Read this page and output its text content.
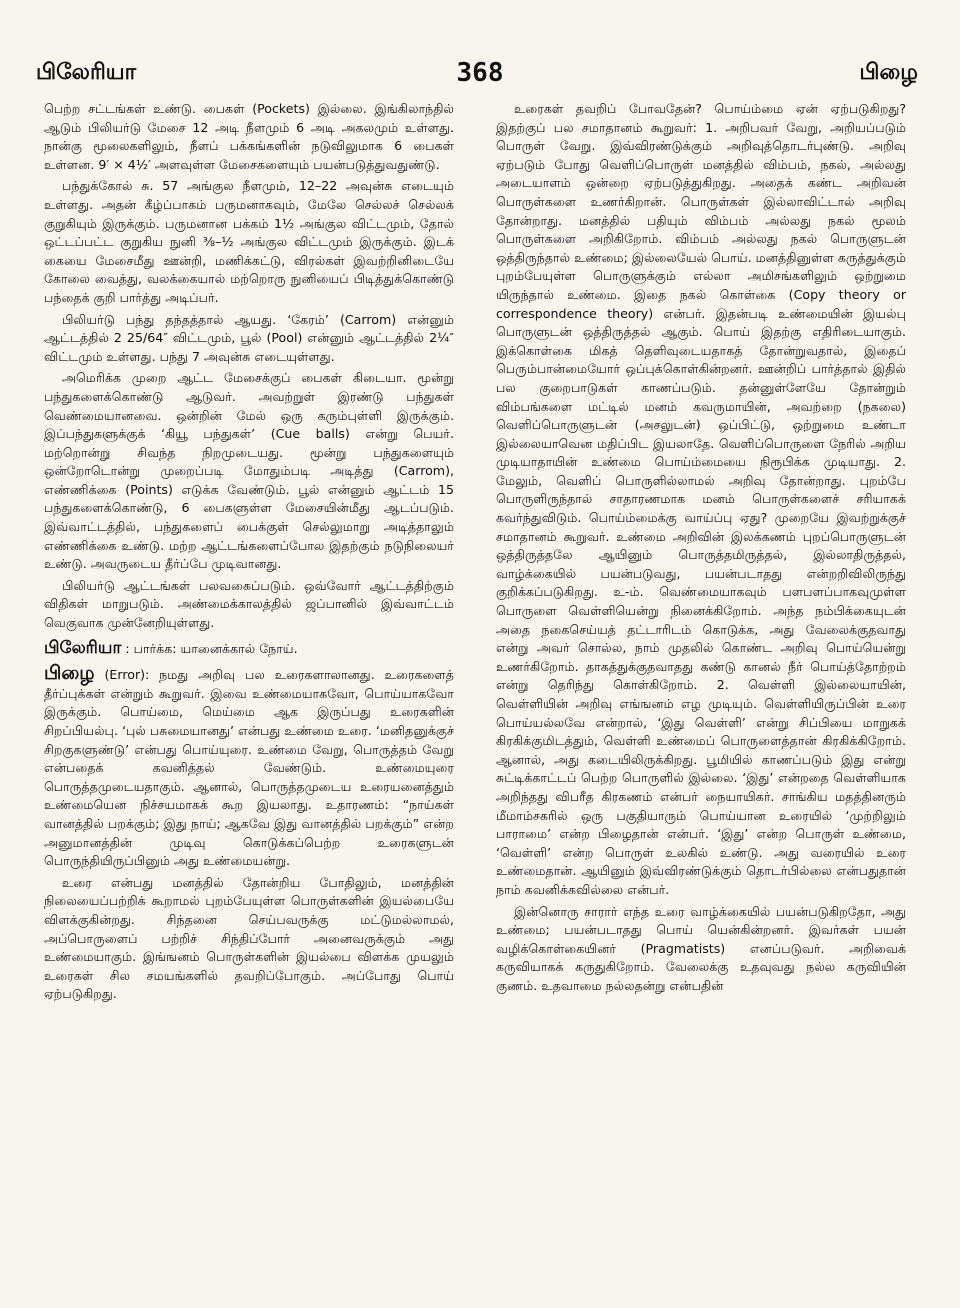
பிலேரியா	368	பிழை

பெற்ற சட்டங்கள் உண்டு. பைகள் (Pockets) இல்லை. இங்கிலாந்தில் ஆடும் பிலியர்டு மேசை 12 அடி நீளமும் 6 அடி அகலமும் உள்ளது. நான்கு மூலைகளிலும், நீளப் பக்கங்களின் நடுவிலுமாக 6 பைகள் உள்ளன. 9′ × 4½′ அளவுள்ள மேசைகளையும் பயன்படுத்துவதுண்டு.

பந்துக்கோல் சு. 57 அங்குல நீளமும், 12–22 அவுன்சு எடையும் உள்ளது. அதன் கீழ்ப்பாகம் பருமனாகவும், மேலே செல்லச் செல்லக் குறுகியும் இருக்கும். பருமனான பக்கம் 1½ அங்குல விட்டமும், தோல் ஒட்டப்பட்ட குறுகிய நுனி ⅜–½ அங்குல விட்டமும் இருக்கும். இடக் கையை மேசைமீது ஊன்றி, மணிக்கட்டு, விரல்கள் இவற்றினிடையே கோலை வைத்து, வலக்கையால் மற்றொரு நுனியைப் பிடித்துக்கொண்டு பந்தைக் குறி பார்த்து அடிப்பர்.

பிலியர்டு பந்து தந்தத்தால் ஆயது. ‘கேரம்’ (Carrom) என்னும் ஆட்டத்தில் 2 25/64″ விட்டமும், பூல் (Pool) என்னும் ஆட்டத்தில் 2¼″ விட்டமும் உள்ளது. பந்து 7 அவுன்சு எடையுள்ளது.

அமெரிக்க முறை ஆட்ட மேசைக்குப் பைகள் கிடையா. மூன்று பந்துகளைக்கொண்டு ஆடுவர். அவற்றுள் இரண்டு பந்துகள் வெண்மையானவை. ஒன்றின் மேல் ஒரு கரும்புள்ளி இருக்கும். இப்பந்துகளுக்குக் ‘கியூ பந்துகள்’ (Cue balls) என்று பெயர். மற்றொன்று சிவந்த நிறமுடையது. மூன்று பந்துகளையும் ஒன்றோடொன்று முறைப்படி மோதும்படி அடித்து (Carrom), எண்ணிக்கை (Points) எடுக்க வேண்டும். பூல் என்னும் ஆட்டம் 15 பந்துகளைக்கொண்டு, 6 பைகளுள்ள மேசையின்மீது ஆடப்படும். இவ்வாட்டத்தில், பந்துகளைப் பைக்குள் செல்லுமாறு அடித்தாலும் எண்ணிக்கை உண்டு. மற்ற ஆட்டங்களைப்போல இதற்கும் நடுநிலையர் உண்டு. அவருடைய தீர்ப்பே முடிவானது.

பிலியர்டு ஆட்டங்கள் பலவகைப்படும். ஒவ்வோர் ஆட்டத்திற்கும் விதிகள் மாறுபடும். அண்மைக்காலத்தில் ஜப்பானில் இவ்வாட்டம் வெகுவாக முன்னேறியுள்ளது.

பிலேரியா : பார்க்க: யானைக்கால் நோய்.

பிழை (Error): நமது அறிவு பல உரைகளாலானது. உரைகளைத் தீர்ப்புக்கள் என்றும் கூறுவர். இவை உண்மையாகவோ, பொய்யாகவோ இருக்கும். பொய்மை, மெய்மை ஆக இருப்பது உரைகளின் சிறப்பியல்பு. ‘புல் பசுமையானது’ என்பது உண்மை உரை. ‘மனிதனுக்குச் சிறகுகளுண்டு’ என்பது பொய்யுரை. உண்மை வேறு, பொருத்தம் வேறு என்பதைக் கவனித்தல் வேண்டும். உண்மையுரை பொருத்தமுடையதாகும். ஆனால், பொருத்தமுடைய உரையனைத்தும் உண்மையென நிச்சயமாகக் கூற இயலாது. உதாரணம்: “நாய்கள் வானத்தில் பறக்கும்; இது நாய்; ஆகவே இது வானத்தில் பறக்கும்” என்ற அனுமானத்தின் முடிவு கொடுக்கப்பெற்ற உரைகளுடன் பொருந்தியிருப்பினும் அது உண்மையன்று.

உரை என்பது மனத்தில் தோன்றிய போதிலும், மனத்தின் நிலையைப்பற்றிக் கூறாமல் புறம்பேயுள்ள பொருள்களின் இயல்பையே விளக்குகின்றது. சிந்தனை செய்பவருக்கு மட்டுமல்லாமல், அப்பொருளைப் பற்றிச் சிந்திப்போர் அனைவருக்கும் அது உண்மையாகும். இங்ஙனம் பொருள்களின் இயல்பை விளக்க முயலும் உரைகள் சில சமயங்களில் தவறிப்போகும். அப்போது பொய் ஏற்படுகிறது.

உரைகள் தவறிப் போவதேன்? பொய்ம்மை ஏன் ஏற்படுகிறது? இதற்குப் பல சமாதானம் கூறுவர்: 1. அறிபவர் வேறு, அறியப்படும் பொருள் வேறு. இவ்விரண்டுக்கும் அறிவுத்தொடர்புண்டு. அறிவு ஏற்படும் போது வெளிப்பொருள் மனத்தில் விம்பம், நகல், அல்லது அடையாளம் ஒன்றை ஏற்படுத்துகிறது. அதைக் கண்ட அறிவன் பொருள்களை உணர்கிறான். பொருள்கள் இல்லாவிட்டால் அறிவு தோன்றாது. மனத்தில் பதியும் விம்பம் அல்லது நகல் மூலம் பொருள்களை அறிகிறோம். விம்பம் அல்லது நகல் பொருளுடன் ஒத்திருந்தால் உண்மை; இல்லையேல் பொய். மனத்தினுள்ள கருத்துக்கும் புறம்பேயுள்ள பொருளுக்கும் எல்லா அமிசங்களிலும் ஒற்றுமை யிருந்தால் உண்மை. இதை நகல் கொள்கை (Copy theory or correspondence theory) என்பர். இதன்படி உண்மையின் இயல்பு பொருளுடன் ஒத்திருத்தல் ஆகும். பொய் இதற்கு எதிரிடையாகும். இக்கொள்கை மிகத் தெளிவுடையதாகத் தோன்றுவதால், இதைப் பெரும்பான்மையோர் ஒப்புக்கொள்கின்றனர். ஊன்றிப் பார்த்தால் இதில் பல குறைபாடுகள் காணப்படும். தன்னுள்ளேயே தோன்றும் விம்பங்களை மட்டில் மனம் கவருமாயின், அவற்றை (நகலை) வெளிப்பொருளுடன் (அசலுடன்) ஒப்பிட்டு, ஒற்றுமை உண்டா இல்லையாவென மதிப்பிட இயலாதே. வெளிப்பொருளை நேரில் அறிய முடியாதாயின் உண்மை பொய்ம்மையை நிரூபிக்க முடியாது. 2. மேலும், வெளிப் பொருளில்லாமல் அறிவு தோன்றாது. புறம்பே பொருளிருந்தால் சாதாரணமாக மனம் பொருள்களைச் சரியாகக் கவர்ந்துவிடும். பொய்ம்மைக்கு வாய்ப்பு ஏது? முறையே இவற்றுக்குச் சமாதானம் கூறுவர். உண்மை அறிவின் இலக்கணம் புறப்பொருளுடன் ஒத்திருத்தலே ஆயினும் பொருத்தமிருத்தல், இல்லாதிருத்தல், வாழ்க்கையில் பயன்படுவது, பயன்படாதது என்றறிவிலிருந்து குறிக்கப்படுகிறது. உ-ம். வெண்மையாகவும் பளபளப்பாகவுமுள்ள பொருளை வெள்ளியென்று நினைக்கிறோம். அந்த நம்பிக்கையுடன் அதை நகைசெய்யத் தட்டாரிடம் கொடுக்க, அது வேலைக்குதவாது என்று அவர் சொல்ல, நாம் முதலில் கொண்ட அறிவு பொய்யென்று உணர்கிறோம். தாகத்துக்குதவாதது கண்டு கானல் நீர் பொய்த்தோற்றம் என்று தெரிந்து கொள்கிறோம். 2. வெள்ளி இல்லையாயின், வெள்ளியின் அறிவு எங்ஙனம் எழ முடியும். வெள்ளியிருப்பின் உரை பொய்யல்லவே என்றால், ‘இது வெள்ளி’ என்று சிப்பியை மாறுகக் கிரகிக்குமிடத்தும், வெள்ளி உண்மைப் பொருளைத்தான் கிரகிக்கிறோம். ஆனால், அது கடையிலிருக்கிறது. பூமியில் காணப்படும் இது என்று சுட்டிக்காட்டப் பெற்ற பொருளில் இல்லை. ‘இது’ என்றதை வெள்ளியாக அறிந்தது விபரீத கிரகணம் என்பர் நையாயிகர். சாங்கிய மதத்தினரும் மீமாம்சகரில் ஒரு பகுதியாரும் பொய்யான உரையில் ‘முற்றிலும் பாராமை’ என்ற பிழைதான் என்பர். ‘இது’ என்ற பொருள் உண்மை, ‘வெள்ளி’ என்ற பொருள் உலகில் உண்டு. அது வரையில் உரை உண்மைதான். ஆயினும் இவ்விரண்டுக்கும் தொடர்பில்லை என்பதுதான் நாம் கவனிக்கவில்லை என்பர்.

இன்னொரு சாரார் எந்த உரை வாழ்க்கையில் பயன்படுகிறதோ, அது உண்மை; பயன்படாதது பொய் யென்கின்றனர். இவர்கள் பயன் வழிக்கொள்கையினர் (Pragmatists) எனப்படுவர். அறிவைக் கருவியாகக் கருதுகிறோம். வேலைக்கு உதவுவது நல்ல கருவியின் குணம். உதவாமை நல்லதன்று என்பதின்
